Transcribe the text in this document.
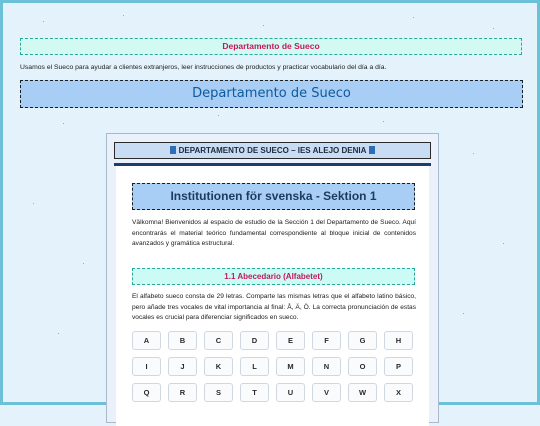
Departamento de Sueco
Usamos el Sueco para ayudar a clientes extranjeros, leer instrucciones de productos y practicar vocabulario del día a día.
Departamento de Sueco
DEPARTAMENTO DE SUECO – IES ALEJO DENIA
Institutionen för svenska - Sektion 1
Välkomna! Bienvenidos al espacio de estudio de la Sección 1 del Departamento de Sueco. Aquí encontrarás el material teórico fundamental correspondiente al bloque inicial de contenidos avanzados y gramática estructural.
1.1 Abecedario (Alfabetet)
El alfabeto sueco consta de 29 letras. Comparte las mismas letras que el alfabeto latino básico, pero añade tres vocales de vital importancia al final: Å, Ä, Ö. La correcta pronunciación de estas vocales es crucial para diferenciar significados en sueco.
A	B	C	D	E	F	G	H
I	J	K	L	M	N	O	P
Q	R	S	T	U	V	W	X
